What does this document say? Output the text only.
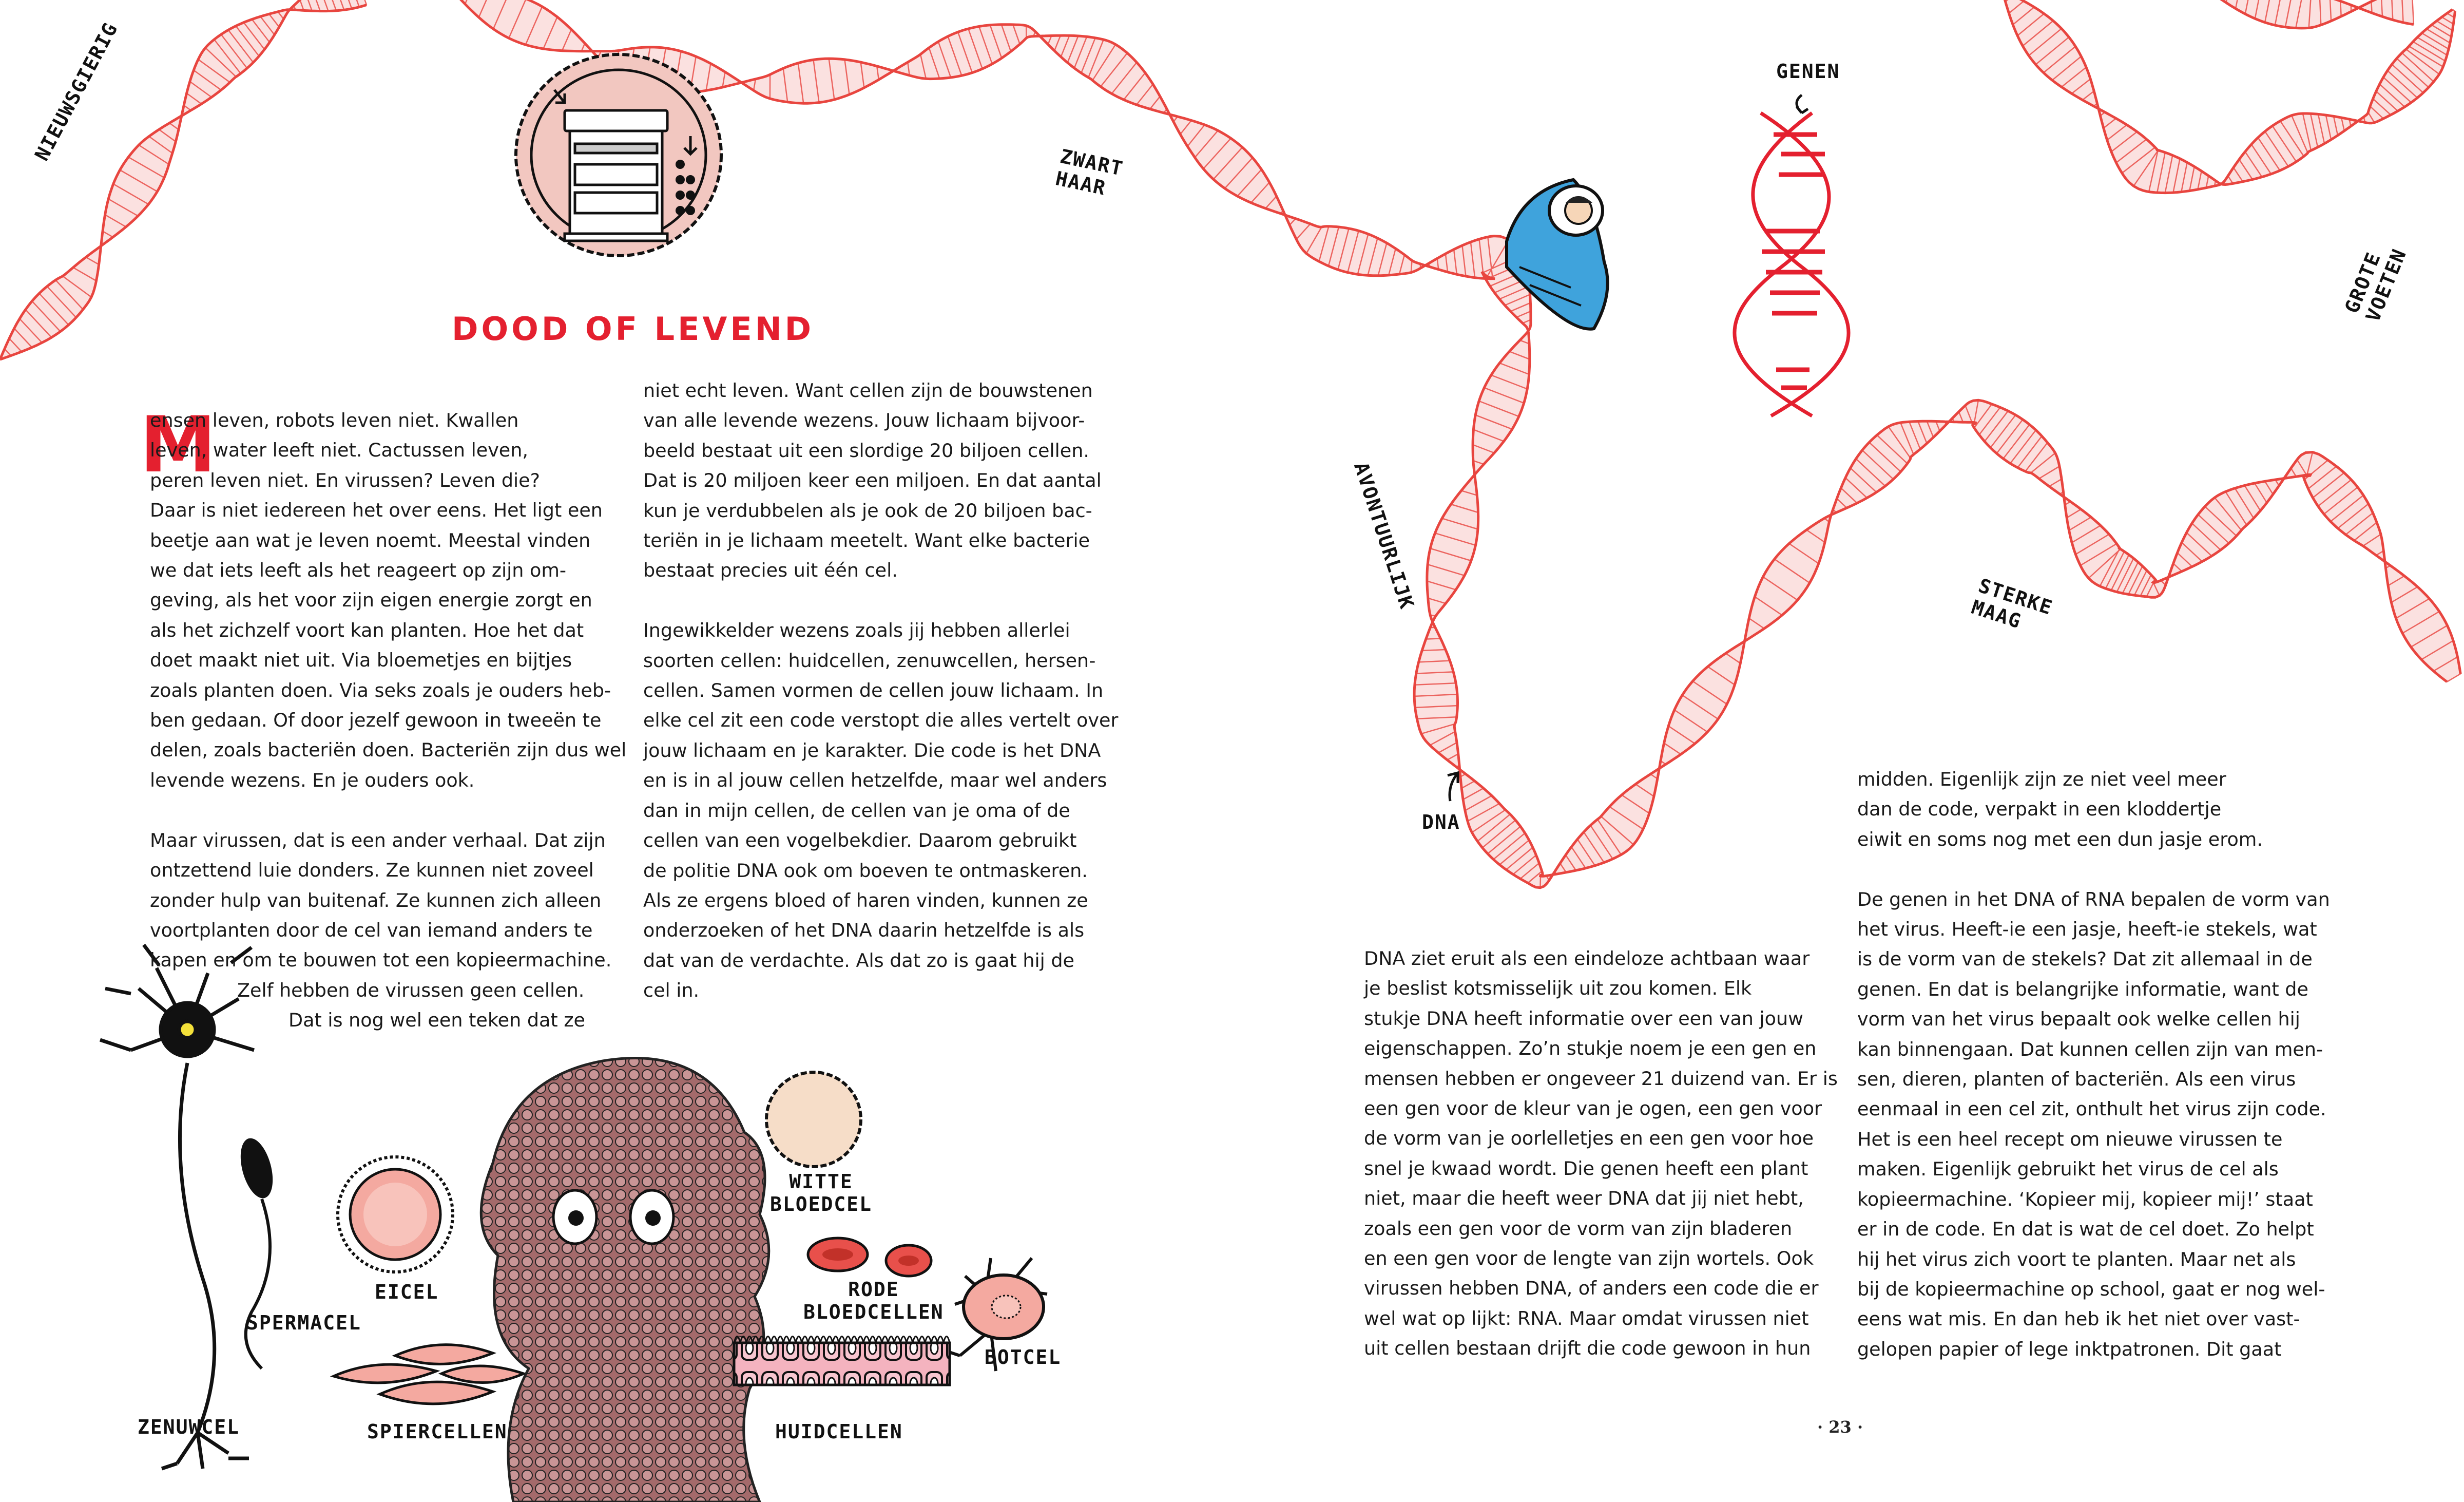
NIEUWSGIERIG	ZWART
HAAR
GENEN
GROTE
VOETEN
AVONTUURLIJK	STERKE
MAAG
DNA
WITTE
BLOEDCEL
EICEL	RODE
BLOEDCELLEN
SPERMACEL
BOTCEL
ZENUWCEL	SPIERCELLEN	HUIDCELLEN
DOOD OF LEVEND
M
ensen leven, robots leven niet. Kwallen
leven, water leeft niet. Cactussen leven,
peren leven niet. En virussen? Leven die?
Daar is niet iedereen het over eens. Het ligt een
beetje aan wat je leven noemt. Meestal vinden
we dat iets leeft als het reageert op zijn om-
geving, als het voor zijn eigen energie zorgt en
als het zichzelf voort kan planten. Hoe het dat
doet maakt niet uit. Via bloemetjes en bijtjes
zoals planten doen. Via seks zoals je ouders heb-
ben gedaan. Of door jezelf gewoon in tweeën te
delen, zoals bacteriën doen. Bacteriën zijn dus wel
levende wezens. En je ouders ook.

Maar virussen, dat is een ander verhaal. Dat zijn
ontzettend luie donders. Ze kunnen niet zoveel
zonder hulp van buitenaf. Ze kunnen zich alleen
voortplanten door de cel van iemand anders te
kapen en om te bouwen tot een kopieermachine.
Zelf hebben de virussen geen cellen.
Dat is nog wel een teken dat ze
niet echt leven. Want cellen zijn de bouwstenen
van alle levende wezens. Jouw lichaam bijvoor-
beeld bestaat uit een slordige 20 biljoen cellen.
Dat is 20 miljoen keer een miljoen. En dat aantal
kun je verdubbelen als je ook de 20 biljoen bac-
teriën in je lichaam meetelt. Want elke bacterie
bestaat precies uit één cel.

Ingewikkelder wezens zoals jij hebben allerlei
soorten cellen: huidcellen, zenuwcellen, hersen-
cellen. Samen vormen de cellen jouw lichaam. In
elke cel zit een code verstopt die alles vertelt over
jouw lichaam en je karakter. Die code is het DNA
en is in al jouw cellen hetzelfde, maar wel anders
dan in mijn cellen, de cellen van je oma of de
cellen van een vogelbekdier. Daarom gebruikt
de politie DNA ook om boeven te ontmaskeren.
Als ze ergens bloed of haren vinden, kunnen ze
onderzoeken of het DNA daarin hetzelfde is als
dat van de verdachte. Als dat zo is gaat hij de
cel in.
DNA ziet eruit als een eindeloze achtbaan waar
je beslist kotsmisselijk uit zou komen. Elk
stukje DNA heeft informatie over een van jouw
eigenschappen. Zo’n stukje noem je een gen en
mensen hebben er ongeveer 21 duizend van. Er is
een gen voor de kleur van je ogen, een gen voor
de vorm van je oorlelletjes en een gen voor hoe
snel je kwaad wordt. Die genen heeft een plant
niet, maar die heeft weer DNA dat jij niet hebt,
zoals een gen voor de vorm van zijn bladeren
en een gen voor de lengte van zijn wortels. Ook
virussen hebben DNA, of anders een code die er
wel wat op lijkt: RNA. Maar omdat virussen niet
uit cellen bestaan drijft die code gewoon in hun
midden. Eigenlijk zijn ze niet veel meer
dan de code, verpakt in een kloddertje
eiwit en soms nog met een dun jasje erom.

De genen in het DNA of RNA bepalen de vorm van
het virus. Heeft-ie een jasje, heeft-ie stekels, wat
is de vorm van de stekels? Dat zit allemaal in de
genen. En dat is belangrijke informatie, want de
vorm van het virus bepaalt ook welke cellen hij
kan binnengaan. Dat kunnen cellen zijn van men-
sen, dieren, planten of bacteriën. Als een virus
eenmaal in een cel zit, onthult het virus zijn code.
Het is een heel recept om nieuwe virussen te
maken. Eigenlijk gebruikt het virus de cel als
kopieermachine. ‘Kopieer mij, kopieer mij!’ staat
er in de code. En dat is wat de cel doet. Zo helpt
hij het virus zich voort te planten. Maar net als
bij de kopieermachine op school, gaat er nog wel-
eens wat mis. En dan heb ik het niet over vast-
gelopen papier of lege inktpatronen. Dit gaat
· 23 ·
